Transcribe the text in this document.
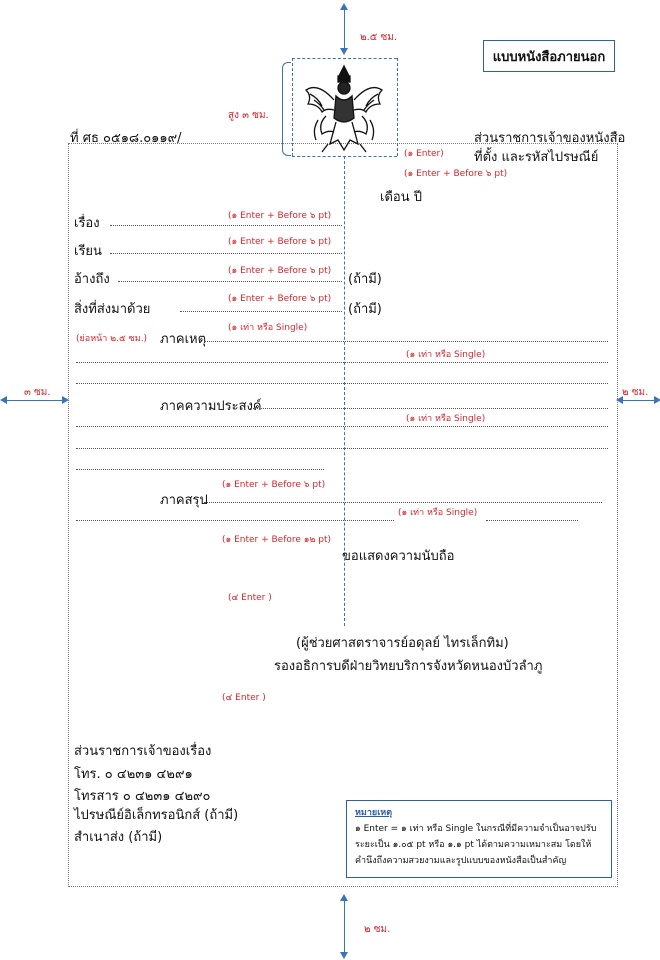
แบบหนังสือภายนอก
๒.๕ ซม.
สูง ๓ ซม.
ที่ ศธ ๐๕๑๘.๐๑๑๙/	ส่วนราชการเจ้าของหนังสือ
ที่ตั้ง และรหัสไปรษณีย์
(๑ Enter)
(๑ Enter + Before ๖ pt)
เดือน ปี
(๑ Enter + Before ๖ pt)
เรื่อง
(๑ Enter + Before ๖ pt)
เรียน
(๑ Enter + Before ๖ pt)
อ้างถึง	(ถ้ามี)
(๑ Enter + Before ๖ pt)
สิ่งที่ส่งมาด้วย	(ถ้ามี)
(๑ เท่า หรือ Single)
(ย่อหน้า ๒.๕ ซม.) ภาคเหตุ
(๑ เท่า หรือ Single)
๓ ซม.	๒ ซม.
ภาคความประสงค์
(๑ เท่า หรือ Single)
(๑ Enter + Before ๖ pt)
ภาคสรุป
(๑ เท่า หรือ Single)
(๑ Enter + Before ๑๒ pt)
ขอแสดงความนับถือ
(๔ Enter )
(ผู้ช่วยศาสตราจารย์อดุลย์ ไทรเล็กทิม)
รองอธิการบดีฝ่ายวิทยบริการจังหวัดหนองบัวลำภู
(๔ Enter )
ส่วนราชการเจ้าของเรื่อง
โทร. ๐ ๔๒๓๑ ๔๒๙๑
โทรสาร ๐ ๔๒๓๑ ๔๒๙๐
ไปรษณีย์อิเล็กทรอนิกส์ (ถ้ามี)
สำเนาส่ง (ถ้ามี)
หมายเหตุ
๑ Enter = ๑ เท่า หรือ Single ในกรณีที่มีความจำเป็นอาจปรับ
ระยะเป็น ๑.๐๕ pt หรือ ๑.๑ pt ได้ตามความเหมาะสม โดยให้
คำนึงถึงความสวยงามและรูปแบบของหนังสือเป็นสำคัญ
๒ ซม.
